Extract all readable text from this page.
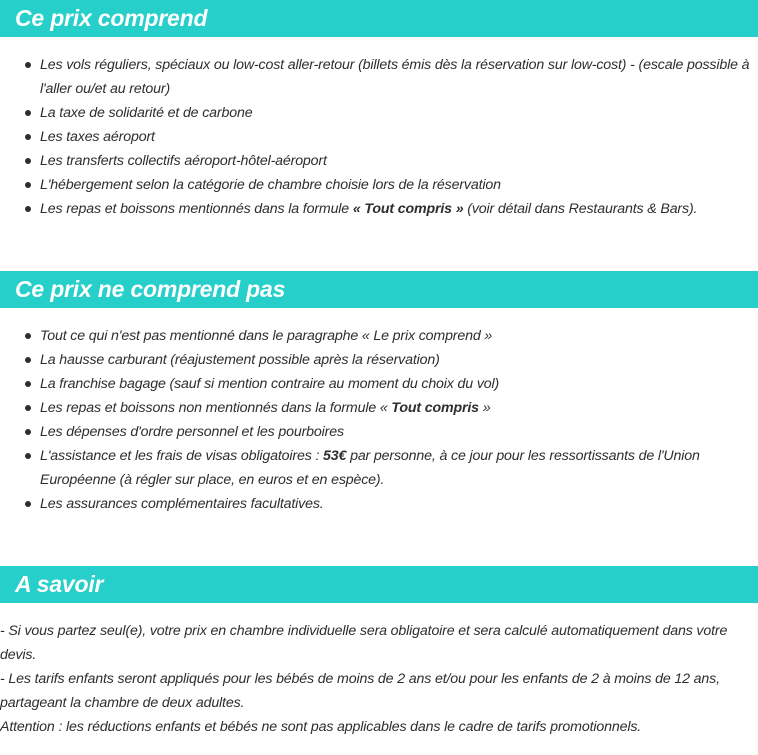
Ce prix comprend
Les vols réguliers, spéciaux ou low-cost aller-retour (billets émis dès la réservation sur low-cost) - (escale possible à l'aller ou/et au retour)
La taxe de solidarité et de carbone
Les taxes aéroport
Les transferts collectifs aéroport-hôtel-aéroport
L'hébergement selon la catégorie de chambre choisie lors de la réservation
Les repas et boissons mentionnés dans la formule « Tout compris » (voir détail dans Restaurants & Bars).
Ce prix ne comprend pas
Tout ce qui n'est pas mentionné dans le paragraphe « Le prix comprend »
La hausse carburant (réajustement possible après la réservation)
La franchise bagage (sauf si mention contraire au moment du choix du vol)
Les repas et boissons non mentionnés dans la formule « Tout compris »
Les dépenses d'ordre personnel et les pourboires
L'assistance et les frais de visas obligatoires : 53€ par personne, à ce jour pour les ressortissants de l'Union Européenne (à régler sur place, en euros et en espèce).
Les assurances complémentaires facultatives.
A savoir

- Si vous partez seul(e), votre prix en chambre individuelle sera obligatoire et sera calculé automatiquement dans votre devis.

- Les tarifs enfants seront appliqués pour les bébés de moins de 2 ans et/ou pour les enfants de 2 à moins de 12 ans, partageant la chambre de deux adultes.

Attention : les réductions enfants et bébés ne sont pas applicables dans le cadre de tarifs promotionnels.
